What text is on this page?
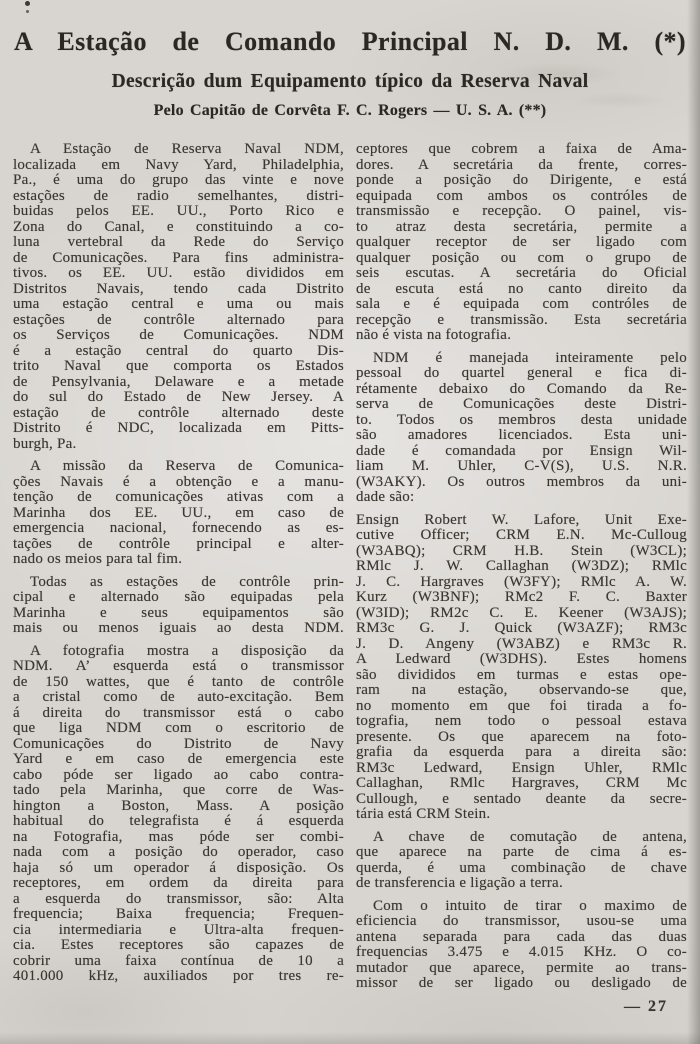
A Estação de Comando Principal N. D. M. (*)
Descrição dum Equipamento típico da Reserva Naval
Pelo Capitão de Corvêta F. C. Rogers — U. S. A. (**)
A Estação de Reserva Naval NDM,
localizada em Navy Yard, Philadelphia,
Pa., é uma do grupo das vinte e nove
estações de radio semelhantes, distri-
buidas pelos EE. UU., Porto Rico e
Zona do Canal, e constituindo a co-
luna vertebral da Rede do Serviço
de Comunicações. Para fins administra-
tivos. os EE. UU. estão divididos em
Distritos Navais, tendo cada Distrito
uma estação central e uma ou mais
estações de contrôle alternado para
os Serviços de Comunicações. NDM
é a estação central do quarto Dis-
trito Naval que comporta os Estados
de Pensylvania, Delaware e a metade
do sul do Estado de New Jersey. A
estação de contrôle alternado deste
Distrito é NDC, localizada em Pitts-
burgh, Pa.
A missão da Reserva de Comunica-
ções Navais é a obtenção e a manu-
tenção de comunicações ativas com a
Marinha dos EE. UU., em caso de
emergencia nacional, fornecendo as es-
tações de contrôle principal e alter-
nado os meios para tal fim.
Todas as estações de contrôle prin-
cipal e alternado são equipadas pela
Marinha e seus equipamentos são
mais ou menos iguais ao desta NDM.
A fotografia mostra a disposição da
NDM. A’ esquerda está o transmissor
de 150 wattes, que é tanto de contrôle
a cristal como de auto-excitação. Bem
á direita do transmissor está o cabo
que liga NDM com o escritorio de
Comunicações do Distrito de Navy
Yard e em caso de emergencia este
cabo póde ser ligado ao cabo contra-
tado pela Marinha, que corre de Was-
hington a Boston, Mass. A posição
habitual do telegrafista é á esquerda
na Fotografia, mas póde ser combi-
nada com a posição do operador, caso
haja só um operador á disposição. Os
receptores, em ordem da direita para
a esquerda do transmissor, são: Alta
frequencia; Baixa frequencia; Frequen-
cia intermediaria e Ultra-alta frequen-
cia. Estes receptores são capazes de
cobrir uma faixa contínua de 10 a
401.000 kHz, auxiliados por tres re-
ceptores que cobrem a faixa de Ama-
dores. A secretária da frente, corres-
ponde a posição do Dirigente, e está
equipada com ambos os contróles de
transmissão e recepção. O painel, vis-
to atraz desta secretária, permite a
qualquer receptor de ser ligado com
qualquer posição ou com o grupo de
seis escutas. A secretária do Oficial
de escuta está no canto direito da
sala e é equipada com contróles de
recepção e transmissão. Esta secretária
não é vista na fotografia.
NDM é manejada inteiramente pelo
pessoal do quartel general e fica di-
rétamente debaixo do Comando da Re-
serva de Comunicações deste Distri-
to. Todos os membros desta unidade
são amadores licenciados. Esta uni-
dade é comandada por Ensign Wil-
liam M. Uhler, C-V(S), U.S. N.R.
(W3AKY). Os outros membros da uni-
dade são:
Ensign Robert W. Lafore, Unit Exe-
cutive Officer; CRM E.N. Mc-Culloug
(W3ABQ); CRM H.B. Stein (W3CL);
RMlc J. W. Callaghan (W3DZ); RMlc
J. C. Hargraves (W3FY); RMlc A. W.
Kurz (W3BNF); RMc2 F. C. Baxter
(W3ID); RM2c C. E. Keener (W3AJS);
RM3c G. J. Quick (W3AZF); RM3c
J. D. Angeny (W3ABZ) e RM3c R.
A Ledward (W3DHS). Estes homens
são divididos em turmas e estas ope-
ram na estação, observando-se que,
no momento em que foi tirada a fo-
tografia, nem todo o pessoal estava
presente. Os que aparecem na foto-
grafia da esquerda para a direita são:
RM3c Ledward, Ensign Uhler, RMlc
Callaghan, RMlc Hargraves, CRM Mc
Cullough, e sentado deante da secre-
tária está CRM Stein.
A chave de comutação de antena,
que aparece na parte de cima á es-
querda, é uma combinação de chave
de transferencia e ligação a terra.
Com o intuito de tirar o maximo de
eficiencia do transmissor, usou-se uma
antena separada para cada das duas
frequencias 3.475 e 4.015 KHz. O co-
mutador que aparece, permite ao trans-
missor de ser ligado ou desligado de
— 27
